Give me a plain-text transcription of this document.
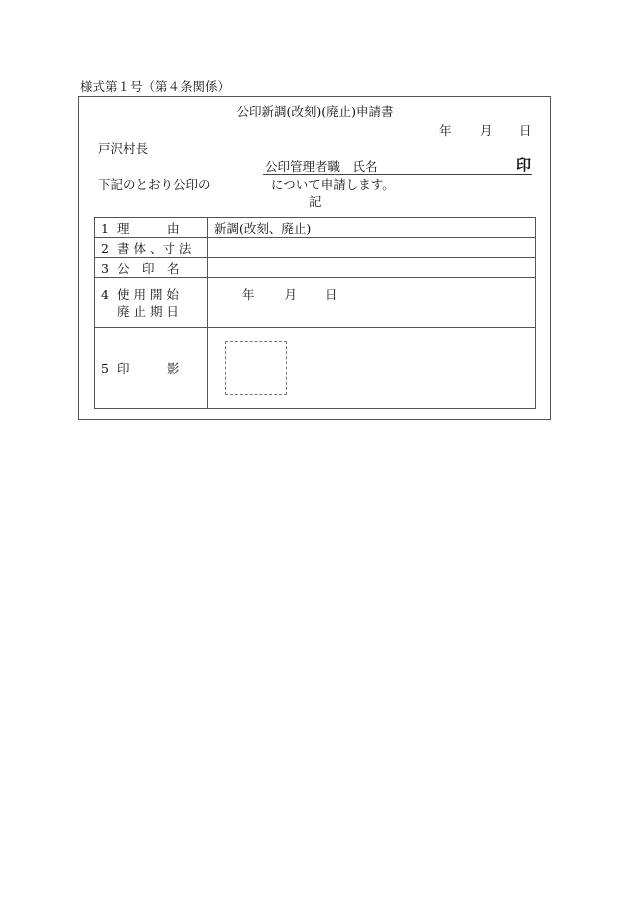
様式第１号（第４条関係）
公印新調(改刻)(廃止)申請書
年 月 日
戸沢村長
公印管理者職　氏名	印
下記のとおり公印の	について申請します。
記
1 理　　　由	新調(改刻、廃止)
2 書 体 、寸 法	
3 公　印　名	

4 使 用 開 始
廃 止 期 日	年 月 日
5 印　　　影	
